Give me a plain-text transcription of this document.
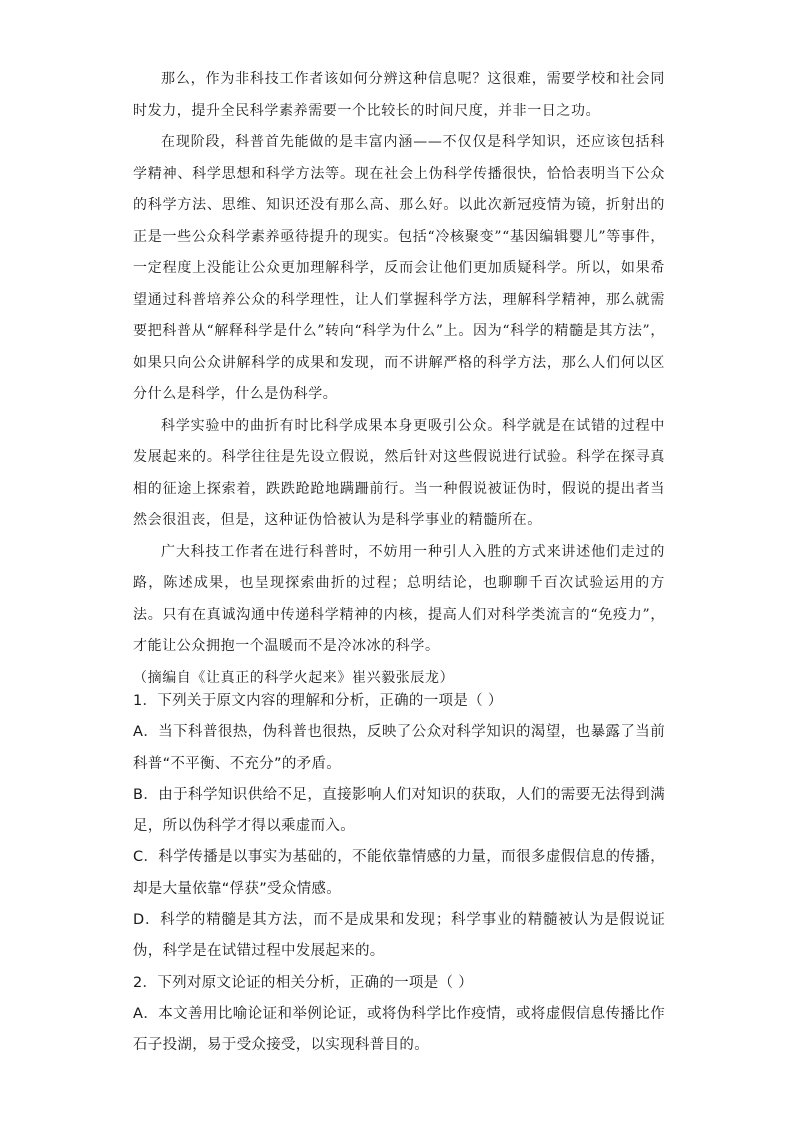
那么，作为非科技工作者该如何分辨这种信息呢？这很难，需要学校和社会同时发力，提升全民科学素养需要一个比较长的时间尺度，并非一日之功。

在现阶段，科普首先能做的是丰富内涵——不仅仅是科学知识，还应该包括科学精神、科学思想和科学方法等。现在社会上伪科学传播很快，恰恰表明当下公众的科学方法、思维、知识还没有那么高、那么好。以此次新冠疫情为镜，折射出的正是一些公众科学素养亟待提升的现实。包括“冷核聚变”“基因编辑婴儿”等事件，一定程度上没能让公众更加理解科学，反而会让他们更加质疑科学。所以，如果希望通过科普培养公众的科学理性，让人们掌握科学方法，理解科学精神，那么就需要把科普从“解释科学是什么”转向“科学为什么”上。因为“科学的精髓是其方法”，如果只向公众讲解科学的成果和发现，而不讲解严格的科学方法，那么人们何以区分什么是科学，什么是伪科学。

科学实验中的曲折有时比科学成果本身更吸引公众。科学就是在试错的过程中发展起来的。科学往往是先设立假说，然后针对这些假说进行试验。科学在探寻真相的征途上探索着，跌跌跄跄地蹒跚前行。当一种假说被证伪时，假说的提出者当然会很沮丧，但是，这种证伪恰被认为是科学事业的精髓所在。

广大科技工作者在进行科普时，不妨用一种引人入胜的方式来讲述他们走过的路，陈述成果，也呈现探索曲折的过程；总明结论，也聊聊千百次试验运用的方法。只有在真诚沟通中传递科学精神的内核，提高人们对科学类流言的“免疫力”，才能让公众拥抱一个温暖而不是冷冰冰的科学。

（摘编自《让真正的科学火起来》崔兴毅张辰龙）

1．下列关于原文内容的理解和分析，正确的一项是（ ）

A．当下科普很热，伪科普也很热，反映了公众对科学知识的渴望，也暴露了当前科普“不平衡、不充分”的矛盾。

B．由于科学知识供给不足，直接影响人们对知识的获取，人们的需要无法得到满足，所以伪科学才得以乘虚而入。

C．科学传播是以事实为基础的，不能依靠情感的力量，而很多虚假信息的传播，却是大量依靠“俘获”受众情感。

D．科学的精髓是其方法，而不是成果和发现；科学事业的精髓被认为是假说证伪，科学是在试错过程中发展起来的。

2．下列对原文论证的相关分析，正确的一项是（ ）

A．本文善用比喻论证和举例论证，或将伪科学比作疫情，或将虚假信息传播比作石子投湖，易于受众接受，以实现科普目的。
